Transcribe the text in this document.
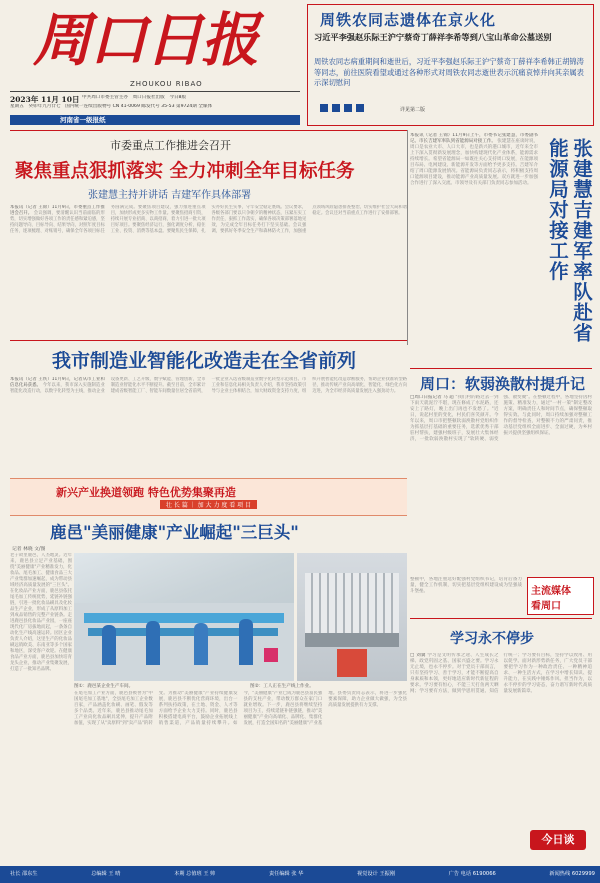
周口日报
ZHOUKOU RIBAO
2023年 11月 10日 中共周口市委主管主办　 周口日报社出版　 今日8版
星期五　 癸卯年九月廿七　 国内统一连续出版物号 CN 41-0069 邮发代号 35-53 第9724期 全媒体
河南省一级报纸
周铁农同志遗体在京火化
习近平李强赵乐际王沪宁蔡奇丁薛祥李希等到八宝山革命公墓送别
周铁农同志病重期间和逝世后，习近平李强赵乐际王沪宁蔡奇丁薛祥李希韩正胡锦涛等同志，前往医院看望或通过各种形式对周铁农同志逝世表示沉痛哀悼并向其亲属表示深切慰问
详见第二版
市委重点工作推进会召开
聚焦重点狠抓落实 全力冲刺全年目标任务
张建慧主持并讲话 吉建军作具体部署
本报讯（记者 王锦）11月9日，市委重点工作推进会召开。 会议强调，要清醒认识当前面临的形势，切实增强做好各项工作的责任感和紧迫感，坚持问题导向、目标导向、结果导向，对照年度目标任务，逐项梳理、对账销号，确保全年各项目标任务圆满完成。要聚焦项目建设，强力推进重点项目，加快形成更多实物工作量。要聚焦招商引资，持续开展专业招商、以商招商，着力引进一批大项目好项目。要聚焦经济运行，强化调度分析，稳住工业、投资、消费等基本盘。要聚焦民生保障，扎实办好民生实事，守牢安全稳定底线。会议要求，各级各部门要以只争朝夕的精神状态，压紧压实工作责任，狠抓工作落实，确保各项决策部署落地见效，为完成全年目标任务打下坚实基础。会议强调，要抓好冬季安全生产和森林防火工作，加强重点领域风险隐患排查整治，切实维护社会大局和谐稳定。会议还对当前重点工作进行了安排部署。
本报讯（记者 王锦）11月9日上午，市委书记张建慧，市委副书记、市长吉建军率队到省能源局对接工作。 张建慧在座谈时说，周口是农业大市、人口大市，也是新兴的港口城市，近年来全市上下深入贯彻新发展理念，加快构建现代化产业体系，能源需求持续增长。希望省能源局一如既往关心支持周口发展，在能源项目布局、电网建设、新能源开发等方面给予更多支持。吉建军介绍了周口能源发展情况。省能源局负责同志表示，将积极支持周口能源项目建设，推动能源产业高质量发展。双方就进一步加强合作进行了深入交流。市领导及有关部门负责同志参加活动。	张建慧吉建军率队赴省能源局对接工作
我市制造业智能化改造走在全省前列
本报讯（记者 王铁）11月9日，记者从市工业和信息化局获悉。 今年以来，我市深入实施制造业智能化改造行动，以数字化转型为主线，推动企业设备更新、工艺升级、数字赋能、管理创新，全市制造业智能化水平不断提升。截至目前，全市累计建成省级智能工厂、智能车间数量位居全省前列，一批企业入选省级制造业数字化转型示范项目。市工业和信息化局相关负责人介绍，我市坚持政策引导与企业主体相结合，加大财政资金支持力度，组织开展智能化改造诊断服务，帮助企业找准转型路径，推动传统产业向高端化、智能化、绿色化方向迈进，为全市经济高质量发展注入强劲动力。	周口：软弱涣散村提升记
□周口日报记者 马 超 "我们村的路过去一到下雨天就泥泞不堪，现在修成了水泥路，还安上了路灯，晚上出门再也不发愁了。"近日，说起村里的变化，村民们喜笑颜开。今年以来，周口市把整顿软弱涣散村党组织作为抓基层打基础的重要任务，选派优秀干部驻村帮扶，建强村级班子，发展壮大集体经济，一批软弱涣散村实现了"软转硬、弱变强、散变聚"。在整顿过程中，各地坚持因村施策、精准发力，通过"一村一策"制定整改方案，明确责任人和时间节点，确保整顿取得实效。与此同时，周口持续加强对整顿工作的督导检查，对整顿不力的严肃问责，推动基层党组织全面进步、全面过硬，为乡村振兴提供坚强组织保证。
主流媒体
看周口
整顿中，各地注重选好配强村党组织书记，培育后备力量，健全工作机制，切实把基层党组织建设成为坚强战斗堡垒。
新兴产业换道领跑 特色优势集聚再造
壮 长 篇 ｜ 加 大 力 度 看 项 目
鹿邑"美丽健康"产业崛起"三巨头"
记者 林晓 文/图
老子故里鹿邑，人杰地灵。近年来，鹿邑县立足产业基础，围绕"美丽健康"产业精准发力，化妆品、尾毛加工、健康食品三大产业集群加速崛起，成为带动县域经济高质量发展的"三巨头"。在化妆品产业方面，鹿邑县依托尾毛加工传统优势，延链补链强链，引进一批化妆品刷具及化妆品生产企业，形成了从原料加工到成品销售的完整产业链条。走进鹿邑县化妆品产业园，一座座现代化厂房拔地而起，一条条自动化生产线高速运转。园区企业负责人介绍，这里生产的化妆品刷远销欧美、东南亚等多个国家和地区，深受客户欢迎。在健康食品产业方面，鹿邑县加快培育龙头企业，推动产业集聚发展，打造了一批知名品牌。
图①：鹿邑某企业生产车间。	图②：工人正在生产线上作业。
在尾毛加工产业方面，鹿邑县被誉为"中国尾毛加工基地"，全县尾毛加工企业数百家，产品涵盖化妆刷、画笔、假发等多个品类。近年来，鹿邑县推动尾毛加工产业向化妆品刷具延伸，提升产品附加值，实现了从"卖原料"到"卖产品"的转变。为推动"美丽健康"产业持续健康发展，鹿邑县不断优化营商环境，出台一系列扶持政策，在土地、资金、人才等方面给予企业大力支持。同时，鹿邑县积极搭建电商平台，鼓励企业拓展线上销售渠道，产品销量持续攀升。如今，"美丽健康"产业已成为鹿邑县富民强县的支柱产业，带动数万群众在家门口就业增收。下一步，鹿邑县将继续坚持项目为王，持续延链补链强链，推动"美丽健康"产业向高端化、品牌化、集群化发展，打造全国知名的"美丽健康"产业基地。县委负责同志表示，将进一步强化要素保障，助力企业做大做强，为全县高质量发展提供有力支撑。
学习永不停步
□ 刘冀 学习是文明传承之途、人生成长之梯、政党巩固之基、国家兴盛之要。学习永无止境，也永不停步。对于党员干部而言，只有坚持学习、善于学习，才能不断提高自身素质和本领，更好地适应新时代新征程的要求。学习要有恒心，不能三天打鱼两天晒网；学习要有方法，做到学思用贯通、知信行统一；学习要有目标，坚持学以致用、用以促学。面对新形势新任务，广大党员干部要把学习作为一种政治责任、一种精神追求、一种生活方式，在学习中增长知识、提升能力，在实践中锤炼作风、担当作为，以永不停步的学习姿态，奋力谱写新时代高质量发展新篇章。
今日谈
社长 邵东生	总编辑 王 晴	本期 总值班 王 帅	责任编辑 张 华	视觉设计 王振刚	广告 电话 6190066	新闻热线 6029999
